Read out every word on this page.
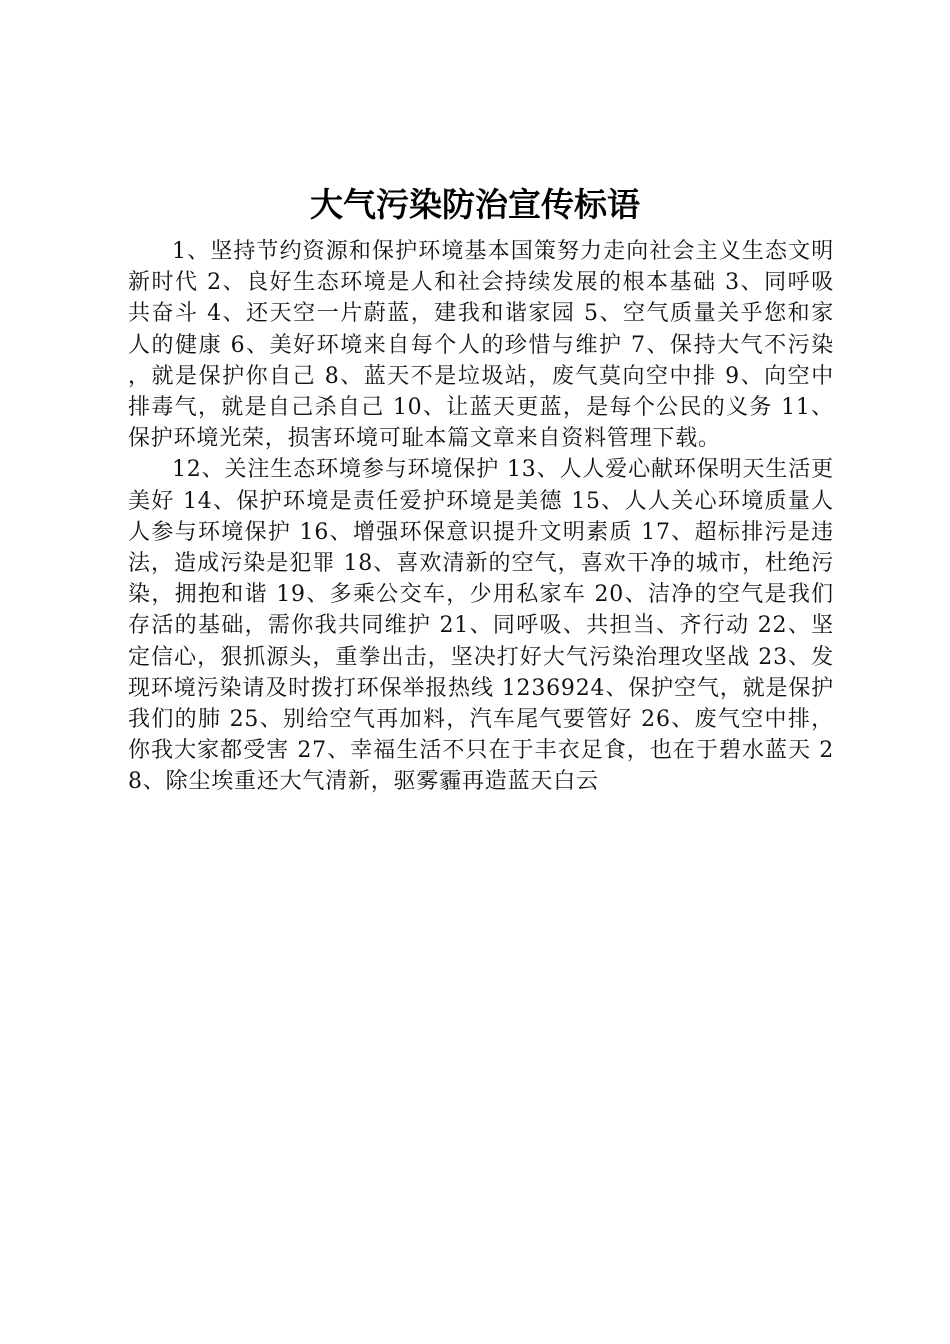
大气污染防治宣传标语

1、坚持节约资源和保护环境基本国策努力走向社会主义生态文明新时代 2、良好生态环境是人和社会持续发展的根本基础 3、同呼吸共奋斗 4、还天空一片蔚蓝，建我和谐家园 5、空气质量关乎您和家人的健康 6、美好环境来自每个人的珍惜与维护 7、保持大气不污染，就是保护你自己 8、蓝天不是垃圾站，废气莫向空中排 9、向空中排毒气，就是自己杀自己 10、让蓝天更蓝，是每个公民的义务 11、保护环境光荣，损害环境可耻本篇文章来自资料管理下载。

12、关注生态环境参与环境保护 13、人人爱心献环保明天生活更美好 14、保护环境是责任爱护环境是美德 15、人人关心环境质量人人参与环境保护 16、增强环保意识提升文明素质 17、超标排污是违法，造成污染是犯罪 18、喜欢清新的空气，喜欢干净的城市，杜绝污染，拥抱和谐 19、多乘公交车，少用私家车 20、洁净的空气是我们存活的基础，需你我共同维护 21、同呼吸、共担当、齐行动 22、坚定信心，狠抓源头，重拳出击，坚决打好大气污染治理攻坚战 23、发现环境污染请及时拨打环保举报热线 1236924、保护空气，就是保护我们的肺 25、别给空气再加料，汽车尾气要管好 26、废气空中排，你我大家都受害 27、幸福生活不只在于丰衣足食，也在于碧水蓝天 28、除尘埃重还大气清新，驱雾霾再造蓝天白云
